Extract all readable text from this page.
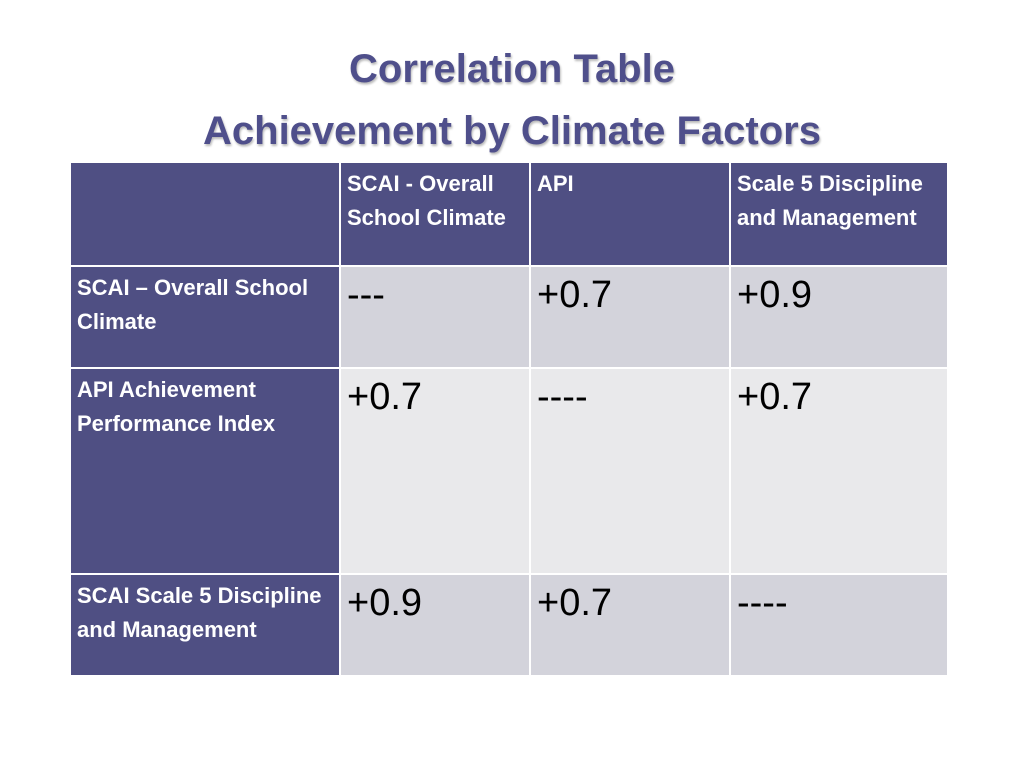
Correlation Table
Achievement by Climate Factors
	SCAI - Overall School Climate	API	Scale 5 Discipline and Management
SCAI – Overall School Climate	---	+0.7	+0.9
API Achievement Performance Index	+0.7	----	+0.7
SCAI Scale 5 Discipline and Management	+0.9	+0.7	----
